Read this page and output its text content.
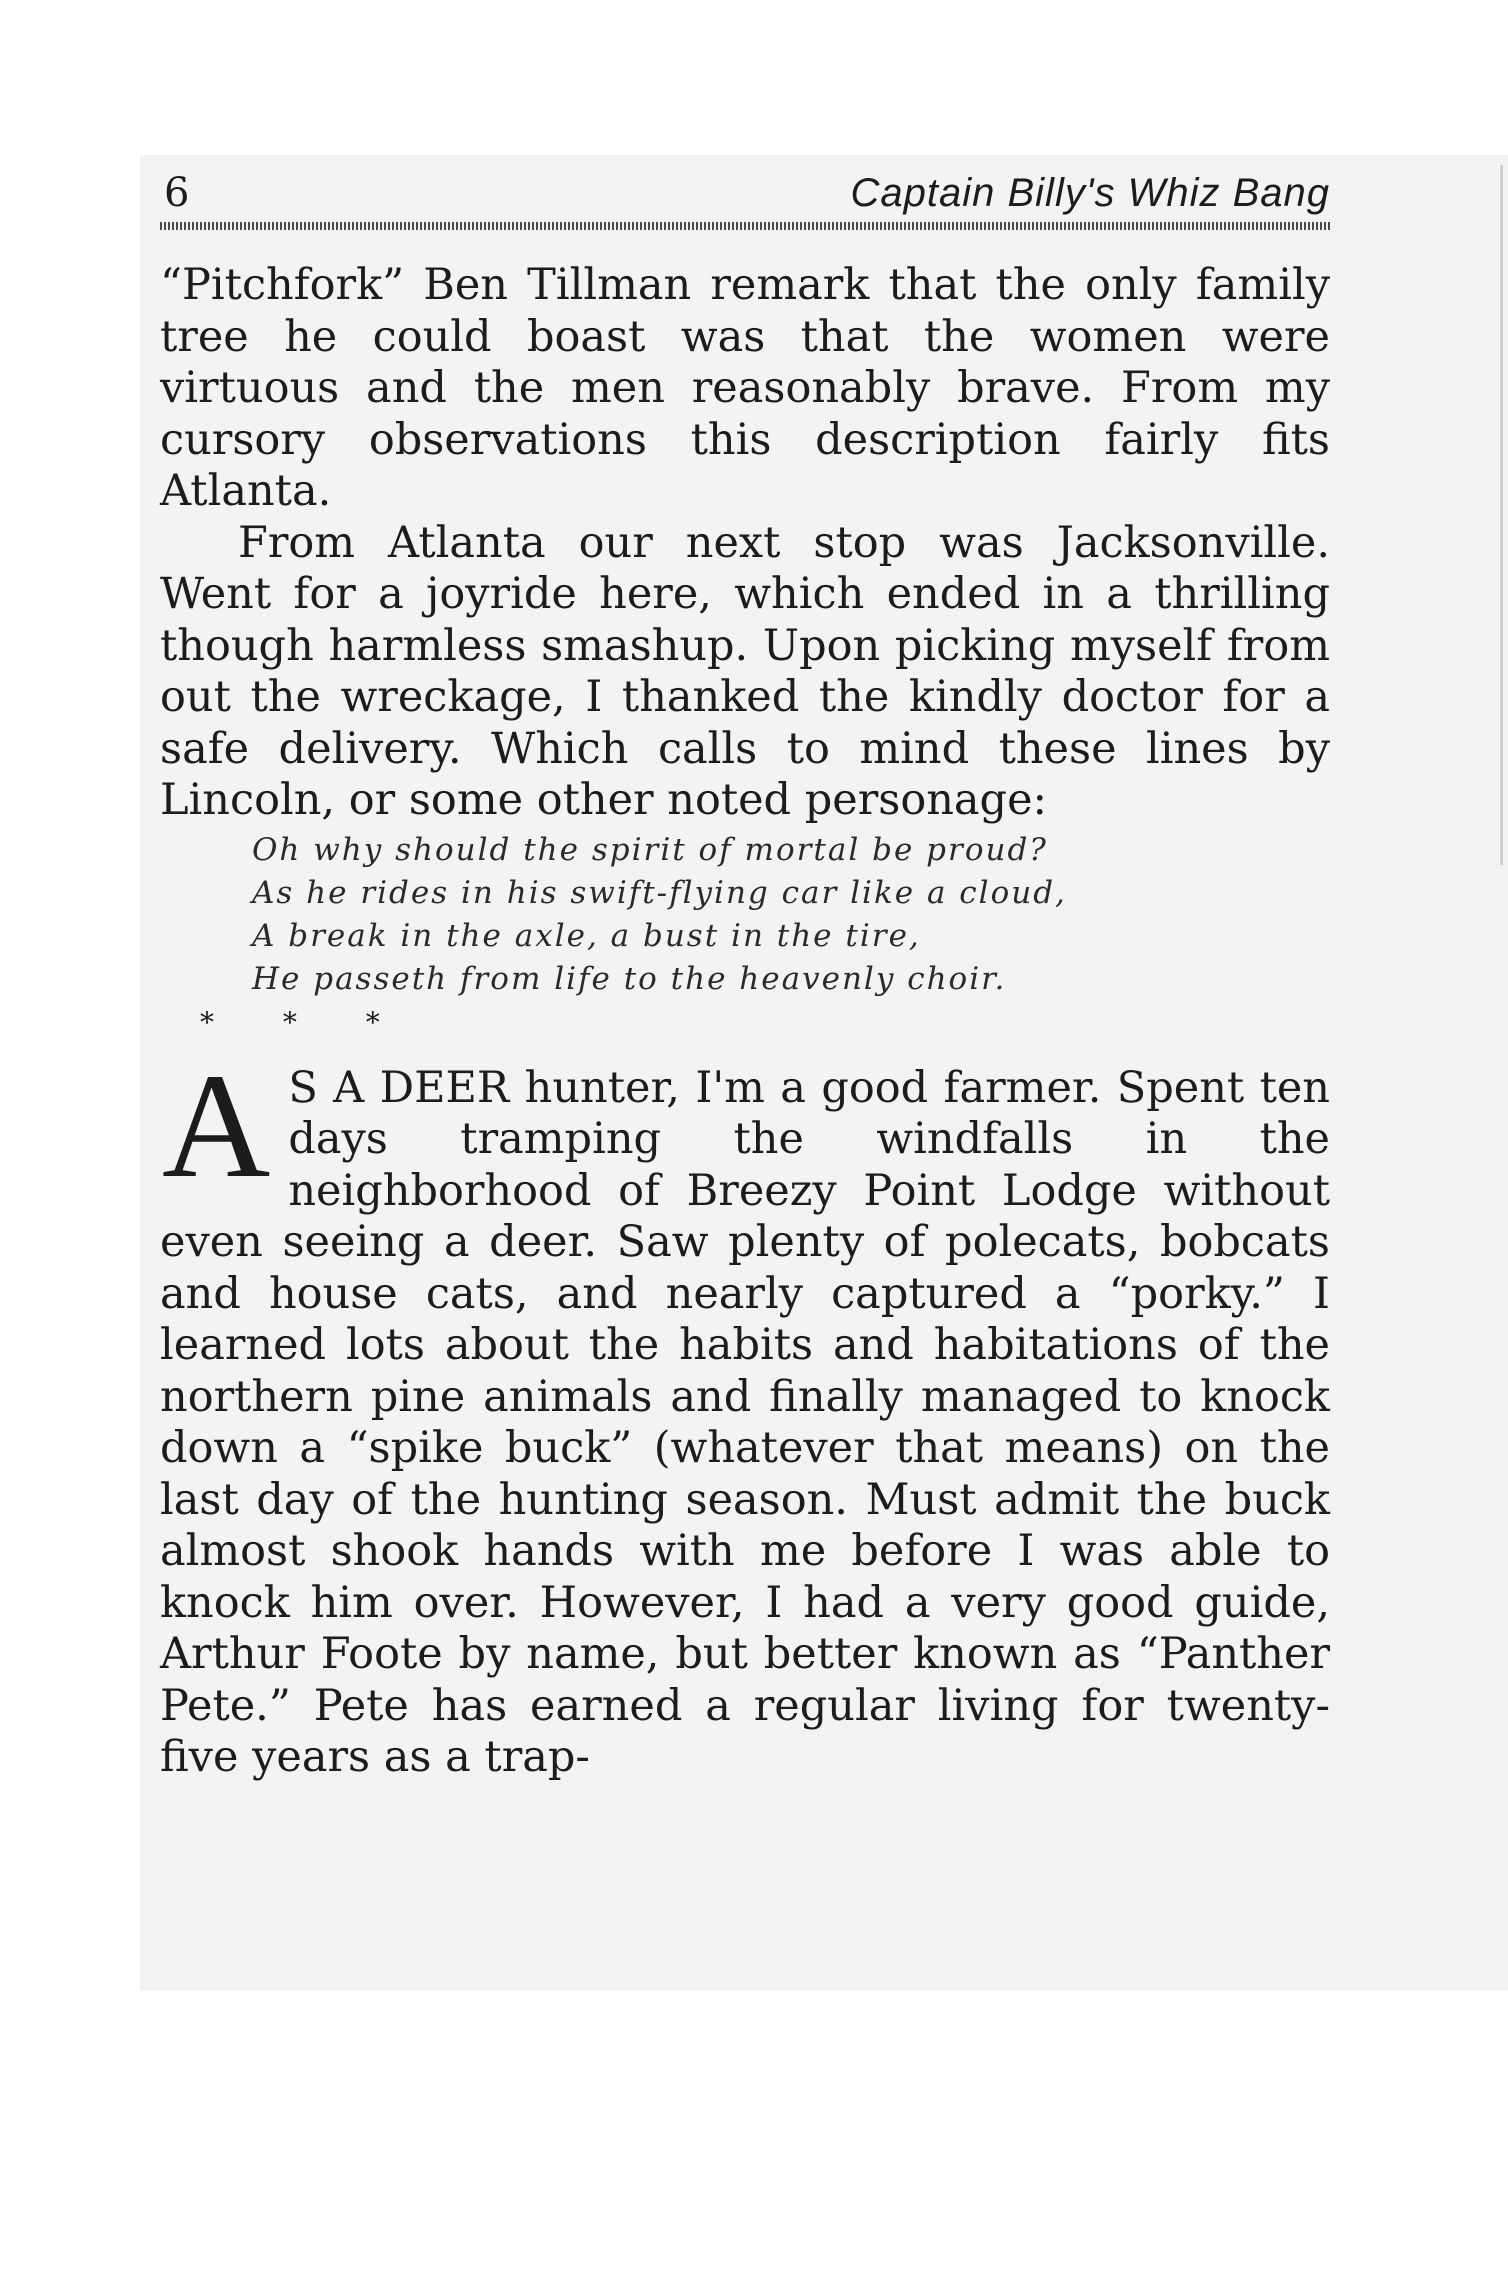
6	Captain Billy's Whiz Bang

“Pitchfork” Ben Tillman remark that the only family tree he could boast was that the women were virtuous and the men reasonably brave. From my cursory observations this description fairly fits Atlanta.

From Atlanta our next stop was Jacksonville. Went for a joyride here, which ended in a thrilling though harmless smashup. Upon picking myself from out the wreckage, I thanked the kindly doctor for a safe delivery. Which calls to mind these lines by Lincoln, or some other noted personage:

Oh why should the spirit of mortal be proud?
As he rides in his swift-flying car like a cloud,
A break in the axle, a bust in the tire,
He passeth from life to the heavenly choir.
* * *
A S A DEER hunter, I'm a good farmer. Spent ten days tramping the windfalls in the neighborhood of Breezy Point Lodge without even seeing a deer. Saw plenty of polecats, bobcats and house cats, and nearly captured a “porky.” I learned lots about the habits and habitations of the northern pine animals and finally managed to knock down a “spike buck” (whatever that means) on the last day of the hunting season. Must admit the buck almost shook hands with me before I was able to knock him over. However, I had a very good guide, Arthur Foote by name, but better known as “Panther Pete.” Pete has earned a regular living for twenty-five years as a trap-
